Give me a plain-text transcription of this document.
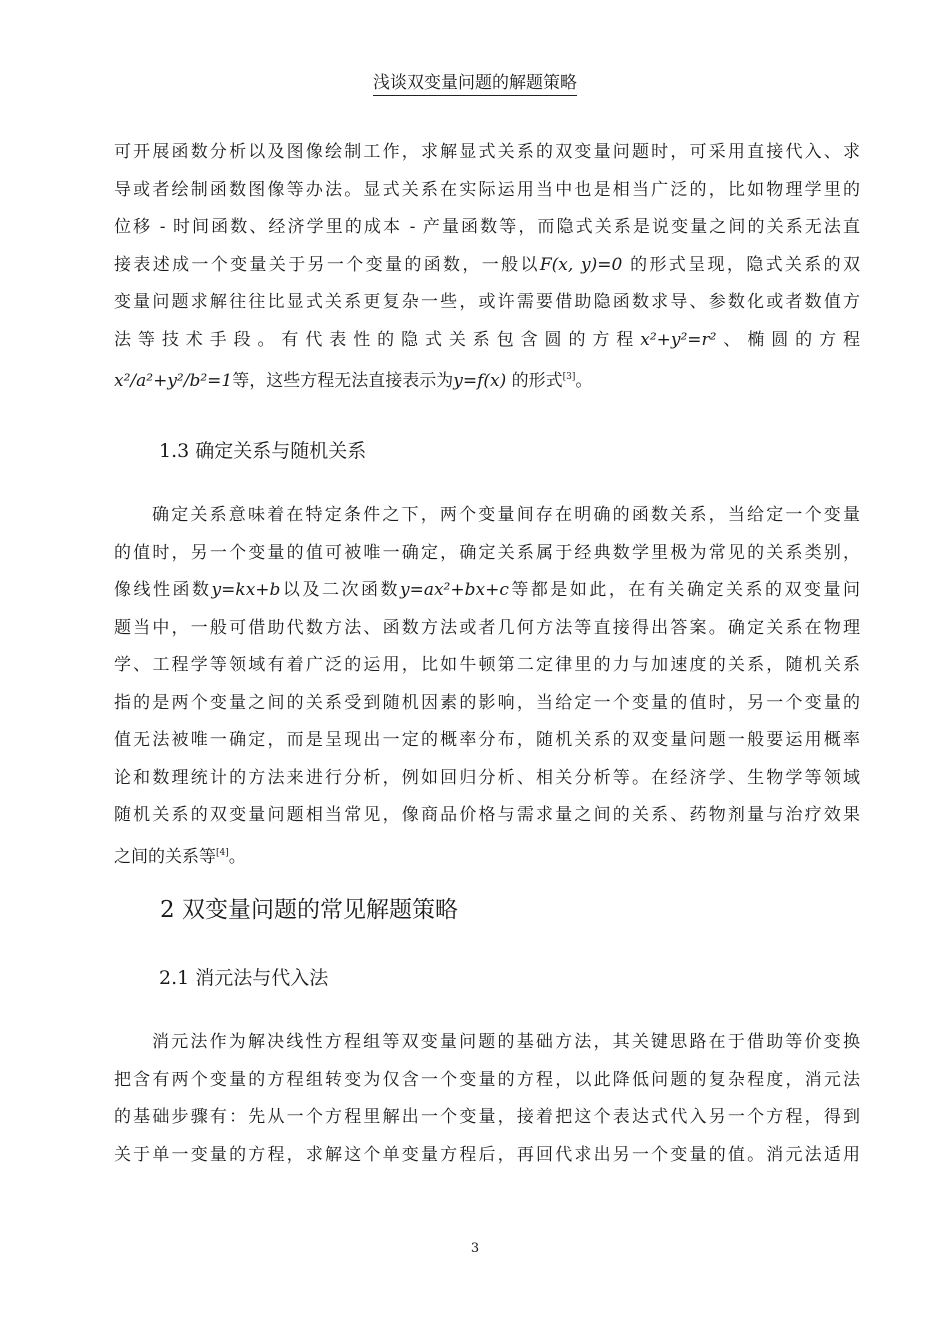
浅谈双变量问题的解题策略
可开展函数分析以及图像绘制工作，求解显式关系的双变量问题时，可采用直接代入、求
导或者绘制函数图像等办法。显式关系在实际运用当中也是相当广泛的，比如物理学里的
位移 - 时间函数、经济学里的成本 - 产量函数等，而隐式关系是说变量之间的关系无法直
接表述成一个变量关于另一个变量的函数，一般以F(x, y)=0 的形式呈现，隐式关系的双
变量问题求解往往比显式关系更复杂一些，或许需要借助隐函数求导、参数化或者数值方
法等技术手段。有代表性的隐式关系包含圆的方程x²+y²=r²、椭圆的方程
x²/a²+y²/b²=1等，这些方程无法直接表示为y=f(x) 的形式[3]。
1.3 确定关系与随机关系
确定关系意味着在特定条件之下，两个变量间存在明确的函数关系，当给定一个变量
的值时，另一个变量的值可被唯一确定，确定关系属于经典数学里极为常见的关系类别，
像线性函数y=kx+b以及二次函数y=ax²+bx+c等都是如此，在有关确定关系的双变量问
题当中，一般可借助代数方法、函数方法或者几何方法等直接得出答案。确定关系在物理
学、工程学等领域有着广泛的运用，比如牛顿第二定律里的力与加速度的关系，随机关系
指的是两个变量之间的关系受到随机因素的影响，当给定一个变量的值时，另一个变量的
值无法被唯一确定，而是呈现出一定的概率分布，随机关系的双变量问题一般要运用概率
论和数理统计的方法来进行分析，例如回归分析、相关分析等。在经济学、生物学等领域
随机关系的双变量问题相当常见，像商品价格与需求量之间的关系、药物剂量与治疗效果
之间的关系等[4]。
2 双变量问题的常见解题策略
2.1 消元法与代入法
消元法作为解决线性方程组等双变量问题的基础方法，其关键思路在于借助等价变换
把含有两个变量的方程组转变为仅含一个变量的方程，以此降低问题的复杂程度，消元法
的基础步骤有：先从一个方程里解出一个变量，接着把这个表达式代入另一个方程，得到
关于单一变量的方程，求解这个单变量方程后，再回代求出另一个变量的值。消元法适用
3
